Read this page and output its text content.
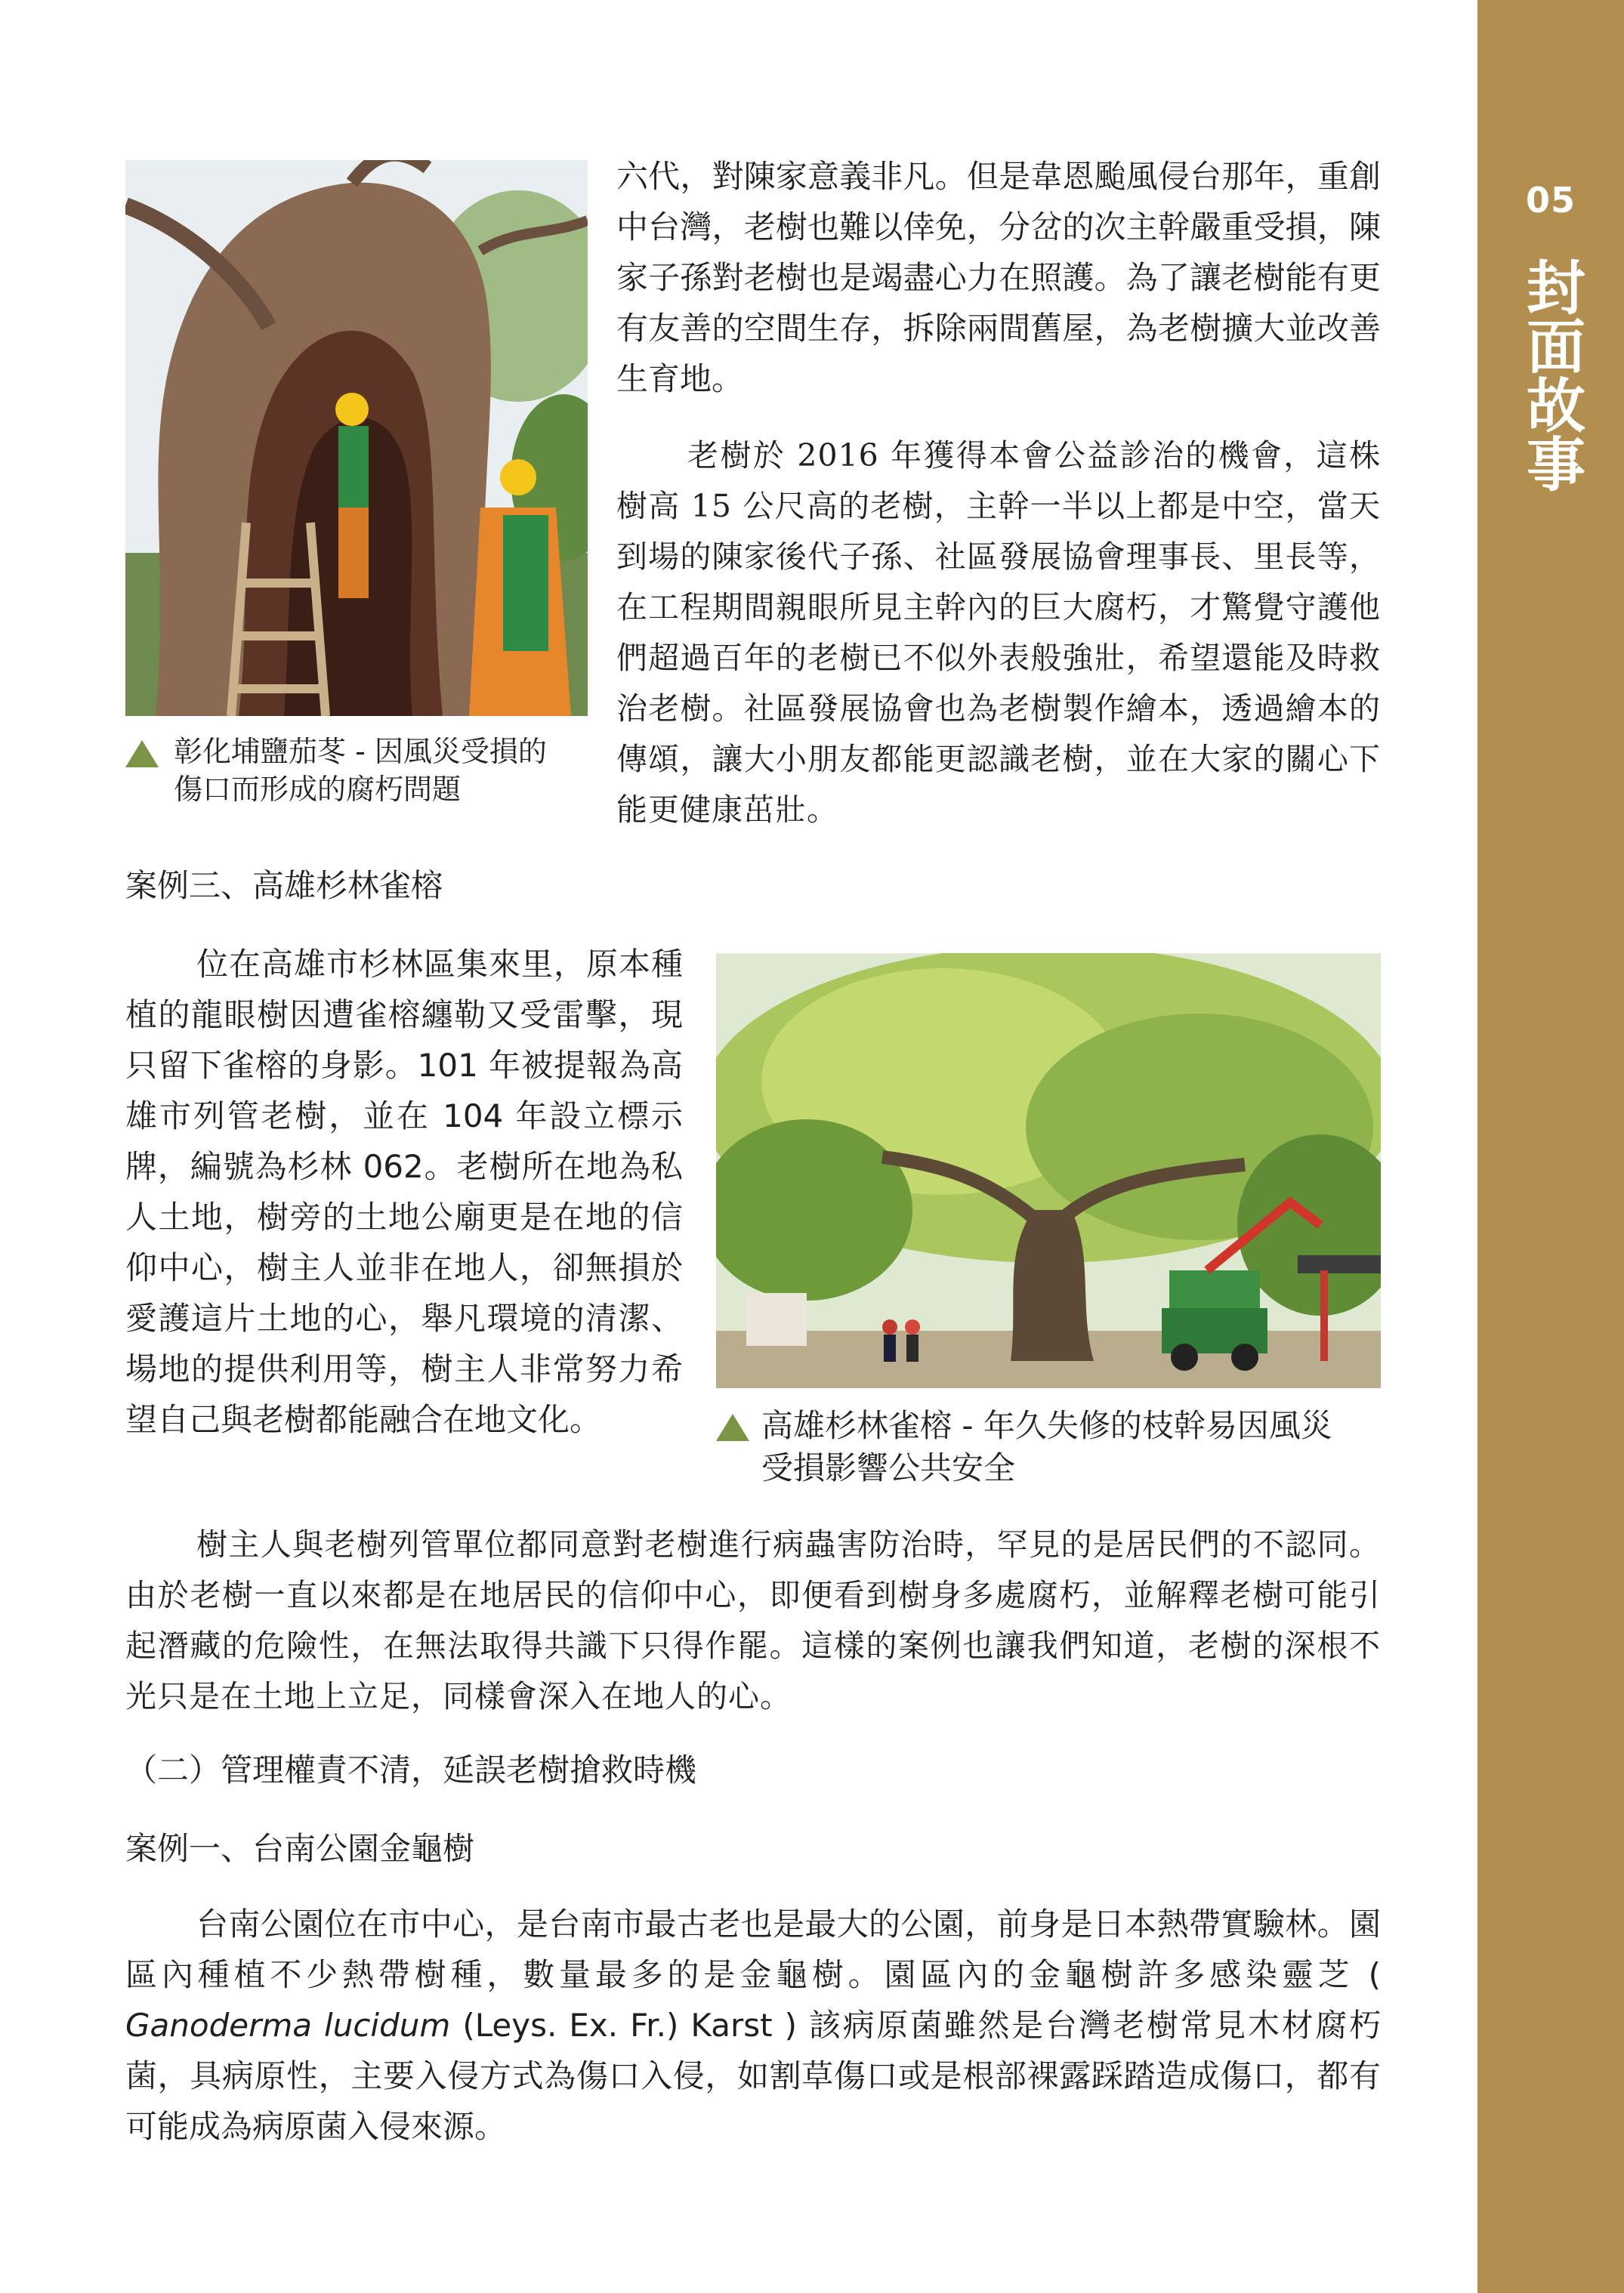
05
封面故事
彰化埔鹽茄苳 - 因風災受損的
傷口而形成的腐朽問題

六代，對陳家意義非凡。但是韋恩颱風侵台那年，重創中台灣，老樹也難以倖免，分岔的次主幹嚴重受損，陳家子孫對老樹也是竭盡心力在照護。為了讓老樹能有更有友善的空間生存，拆除兩間舊屋，為老樹擴大並改善生育地。

老樹於 2016 年獲得本會公益診治的機會，這株樹高 15 公尺高的老樹，主幹一半以上都是中空，當天到場的陳家後代子孫、社區發展協會理事長、里長等，在工程期間親眼所見主幹內的巨大腐朽，才驚覺守護他們超過百年的老樹已不似外表般強壯，希望還能及時救治老樹。社區發展協會也為老樹製作繪本，透過繪本的傳頌，讓大小朋友都能更認識老樹，並在大家的關心下能更健康茁壯。

案例三、高雄杉林雀榕

位在高雄市杉林區集來里，原本種植的龍眼樹因遭雀榕纏勒又受雷擊，現只留下雀榕的身影。101 年被提報為高雄市列管老樹，並在 104 年設立標示牌，編號為杉林 062。老樹所在地為私人土地，樹旁的土地公廟更是在地的信仰中心，樹主人並非在地人，卻無損於愛護這片土地的心，舉凡環境的清潔、場地的提供利用等，樹主人非常努力希望自己與老樹都能融合在地文化。	高雄杉林雀榕 - 年久失修的枝幹易因風災
受損影響公共安全

樹主人與老樹列管單位都同意對老樹進行病蟲害防治時，罕見的是居民們的不認同。由於老樹一直以來都是在地居民的信仰中心，即便看到樹身多處腐朽，並解釋老樹可能引起潛藏的危險性，在無法取得共識下只得作罷。這樣的案例也讓我們知道，老樹的深根不光只是在土地上立足，同樣會深入在地人的心。

（二）管理權責不清，延誤老樹搶救時機
案例一、台南公園金龜樹

台南公園位在市中心，是台南市最古老也是最大的公園，前身是日本熱帶實驗林。園區內種植不少熱帶樹種，數量最多的是金龜樹。園區內的金龜樹許多感染靈芝 ( Ganoderma lucidum (Leys. Ex. Fr.) Karst ) 該病原菌雖然是台灣老樹常見木材腐朽菌，具病原性，主要入侵方式為傷口入侵，如割草傷口或是根部裸露踩踏造成傷口，都有可能成為病原菌入侵來源。
